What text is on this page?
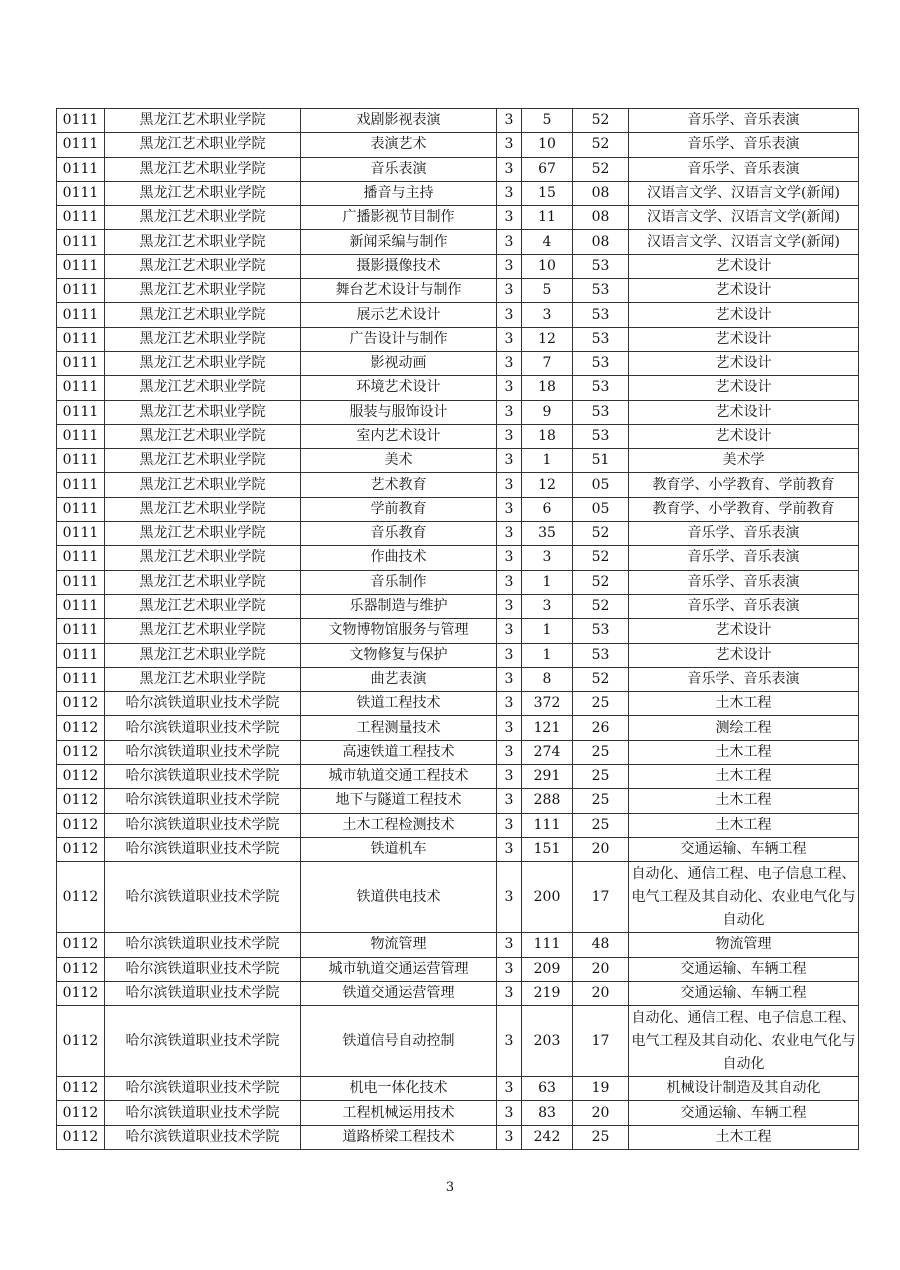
0111	黑龙江艺术职业学院	戏剧影视表演	3	5	52	音乐学、音乐表演
0111	黑龙江艺术职业学院	表演艺术	3	10	52	音乐学、音乐表演
0111	黑龙江艺术职业学院	音乐表演	3	67	52	音乐学、音乐表演
0111	黑龙江艺术职业学院	播音与主持	3	15	08	汉语言文学、汉语言文学(新闻)
0111	黑龙江艺术职业学院	广播影视节目制作	3	11	08	汉语言文学、汉语言文学(新闻)
0111	黑龙江艺术职业学院	新闻采编与制作	3	4	08	汉语言文学、汉语言文学(新闻)
0111	黑龙江艺术职业学院	摄影摄像技术	3	10	53	艺术设计
0111	黑龙江艺术职业学院	舞台艺术设计与制作	3	5	53	艺术设计
0111	黑龙江艺术职业学院	展示艺术设计	3	3	53	艺术设计
0111	黑龙江艺术职业学院	广告设计与制作	3	12	53	艺术设计
0111	黑龙江艺术职业学院	影视动画	3	7	53	艺术设计
0111	黑龙江艺术职业学院	环境艺术设计	3	18	53	艺术设计
0111	黑龙江艺术职业学院	服装与服饰设计	3	9	53	艺术设计
0111	黑龙江艺术职业学院	室内艺术设计	3	18	53	艺术设计
0111	黑龙江艺术职业学院	美术	3	1	51	美术学
0111	黑龙江艺术职业学院	艺术教育	3	12	05	教育学、小学教育、学前教育
0111	黑龙江艺术职业学院	学前教育	3	6	05	教育学、小学教育、学前教育
0111	黑龙江艺术职业学院	音乐教育	3	35	52	音乐学、音乐表演
0111	黑龙江艺术职业学院	作曲技术	3	3	52	音乐学、音乐表演
0111	黑龙江艺术职业学院	音乐制作	3	1	52	音乐学、音乐表演
0111	黑龙江艺术职业学院	乐器制造与维护	3	3	52	音乐学、音乐表演
0111	黑龙江艺术职业学院	文物博物馆服务与管理	3	1	53	艺术设计
0111	黑龙江艺术职业学院	文物修复与保护	3	1	53	艺术设计
0111	黑龙江艺术职业学院	曲艺表演	3	8	52	音乐学、音乐表演
0112	哈尔滨铁道职业技术学院	铁道工程技术	3	372	25	土木工程
0112	哈尔滨铁道职业技术学院	工程测量技术	3	121	26	测绘工程
0112	哈尔滨铁道职业技术学院	高速铁道工程技术	3	274	25	土木工程
0112	哈尔滨铁道职业技术学院	城市轨道交通工程技术	3	291	25	土木工程
0112	哈尔滨铁道职业技术学院	地下与隧道工程技术	3	288	25	土木工程
0112	哈尔滨铁道职业技术学院	土木工程检测技术	3	111	25	土木工程
0112	哈尔滨铁道职业技术学院	铁道机车	3	151	20	交通运输、车辆工程
0112	哈尔滨铁道职业技术学院	铁道供电技术	3	200	17	自动化、通信工程、电子信息工程、电气工程及其自动化、农业电气化与自动化
0112	哈尔滨铁道职业技术学院	物流管理	3	111	48	物流管理
0112	哈尔滨铁道职业技术学院	城市轨道交通运营管理	3	209	20	交通运输、车辆工程
0112	哈尔滨铁道职业技术学院	铁道交通运营管理	3	219	20	交通运输、车辆工程
0112	哈尔滨铁道职业技术学院	铁道信号自动控制	3	203	17	自动化、通信工程、电子信息工程、电气工程及其自动化、农业电气化与自动化
0112	哈尔滨铁道职业技术学院	机电一体化技术	3	63	19	机械设计制造及其自动化
0112	哈尔滨铁道职业技术学院	工程机械运用技术	3	83	20	交通运输、车辆工程
0112	哈尔滨铁道职业技术学院	道路桥梁工程技术	3	242	25	土木工程
3
